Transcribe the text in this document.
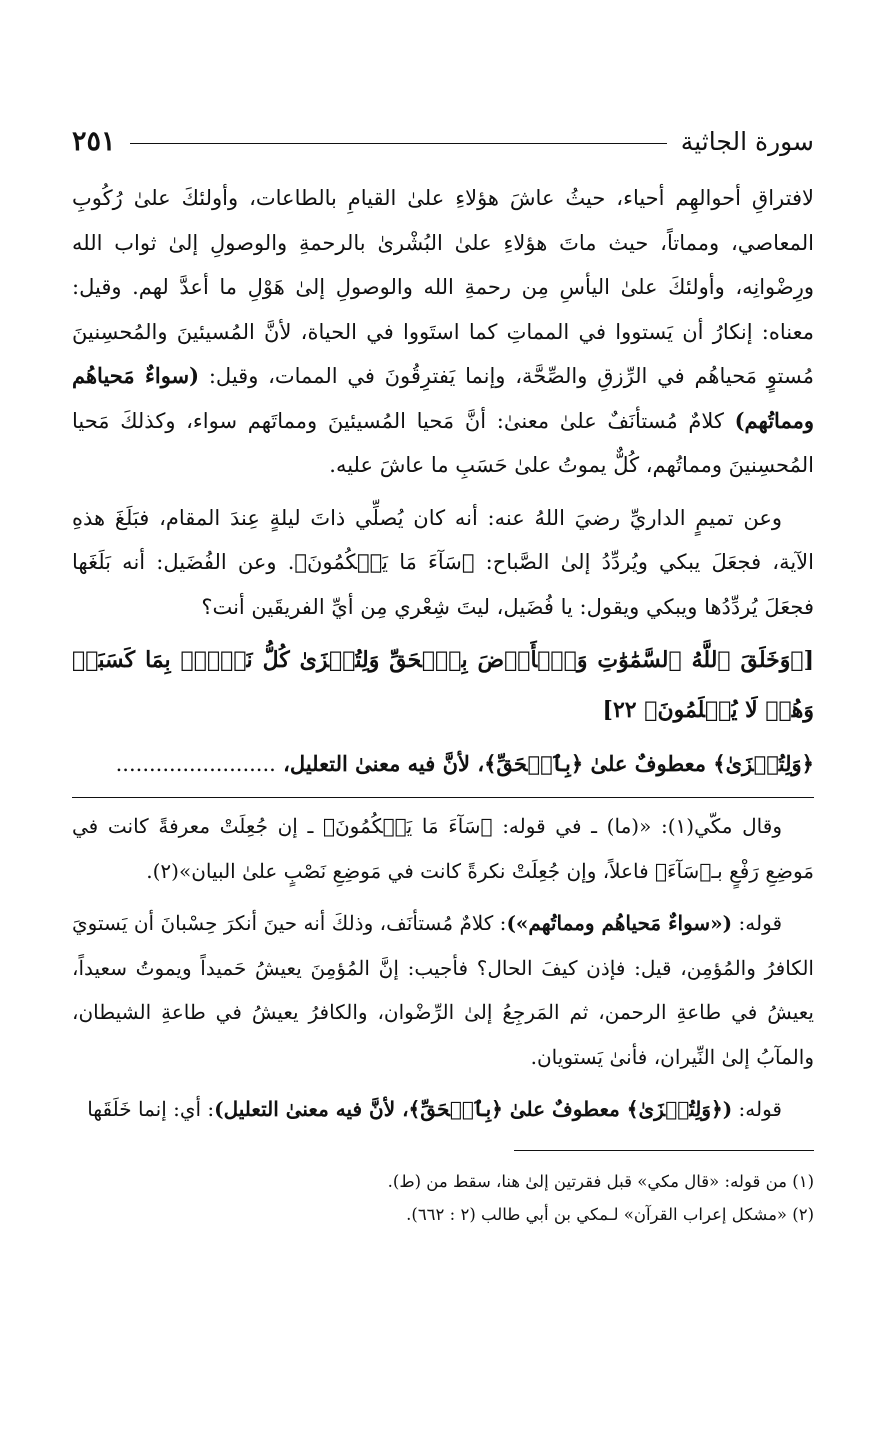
سورة الجاثية
٢٥١

لافتراقِ أحوالهِم أحياء، حيثُ عاشَ هؤلاءِ علىٰ القيامِ بالطاعات، وأولئكَ علىٰ رُكُوبِ المعاصي، ومماتاً، حيث ماتَ هؤلاءِ علىٰ البُشْرىٰ بالرحمةِ والوصولِ إلىٰ ثواب الله ورِضْوانِه، وأولئكَ علىٰ اليأسِ مِن رحمةِ الله والوصولِ إلىٰ هَوْلِ ما أعدَّ لهم. وقيل: معناه: إنكارُ أن يَستووا في المماتِ كما استَووا في الحياة، لأنَّ المُسيئينَ والمُحسِنينَ مُستوٍ مَحياهُم في الرِّزقِ والصِّحَّة، وإنما يَفترِقُونَ في الممات، وقيل: (سواءٌ مَحياهُم ومماتُهم) كلامٌ مُستأنَفٌ علىٰ معنىٰ: أنَّ مَحيا المُسيئينَ ومماتَهم سواء، وكذلكَ مَحيا المُحسِنينَ ومماتُهم، كُلٌّ يموتُ علىٰ حَسَبِ ما عاشَ عليه.

وعن تميمٍ الداريِّ رضيَ اللهُ عنه: أنه كان يُصلِّي ذاتَ ليلةٍ عِندَ المقام، فبَلَغَ هذهِ الآية، فجعَلَ يبكي ويُردِّدُ إلىٰ الصَّباح: ﴿سَآءَ مَا يَحۡكُمُونَ﴾. وعن الفُضَيل: أنه بَلَغَها فجعَلَ يُردِّدُها ويبكي ويقول: يا فُضَيل، ليتَ شِعْري مِن أيِّ الفريقَين أنت؟

[﴿وَخَلَقَ ٱللَّهُ ٱلسَّمَٰوَٰتِ وَٱلۡأَرۡضَ بِٱلۡحَقِّ وَلِتُجۡزَىٰ كُلُّ نَفۡسِۭ بِمَا كَسَبَتۡ وَهُمۡ لَا يُظۡلَمُونَ﴾ ٢٢]

﴿وَلِتُجۡزَىٰ﴾ معطوفٌ علىٰ ﴿بِٱلۡحَقِّ﴾، لأنَّ فيه معنىٰ التعليل، ........................

وقال مكّي(١): «(ما) ـ في قوله: ﴿سَآءَ مَا يَحۡكُمُونَ﴾ ـ إن جُعِلَتْ معرفةً كانت في مَوضِعِ رَفْعٍ بـ﴿سَآءَ﴾ فاعلاً، وإن جُعِلَتْ نكرةً كانت في مَوضِعِ نَصْبٍ علىٰ البيان»(٢).

قوله: («سواءٌ مَحياهُم ومماتُهم»): كلامٌ مُستأنَف، وذلكَ أنه حينَ أنكرَ حِسْبانَ أن يَستويَ الكافرُ والمُؤمِن، قيل: فإذن كيفَ الحال؟ فأجيب: إنَّ المُؤمِنَ يعيشُ حَميداً ويموتُ سعيداً، يعيشُ في طاعةِ الرحمن، ثم المَرجِعُ إلىٰ الرِّضْوان، والكافرُ يعيشُ في طاعةِ الشيطان، والمآبُ إلىٰ النِّيران، فأنىٰ يَستويان.

قوله: (﴿وَلِتُجۡزَىٰ﴾ معطوفٌ علىٰ ﴿بِٱلۡحَقِّ﴾، لأنَّ فيه معنىٰ التعليل): أي: إنما خَلَقَها

(١) من قوله: «قال مكي» قبل فقرتين إلىٰ هنا، سقط من (ط).

(٢) «مشكل إعراب القرآن» لـمكي بن أبي طالب (٢ : ٦٦٢).
